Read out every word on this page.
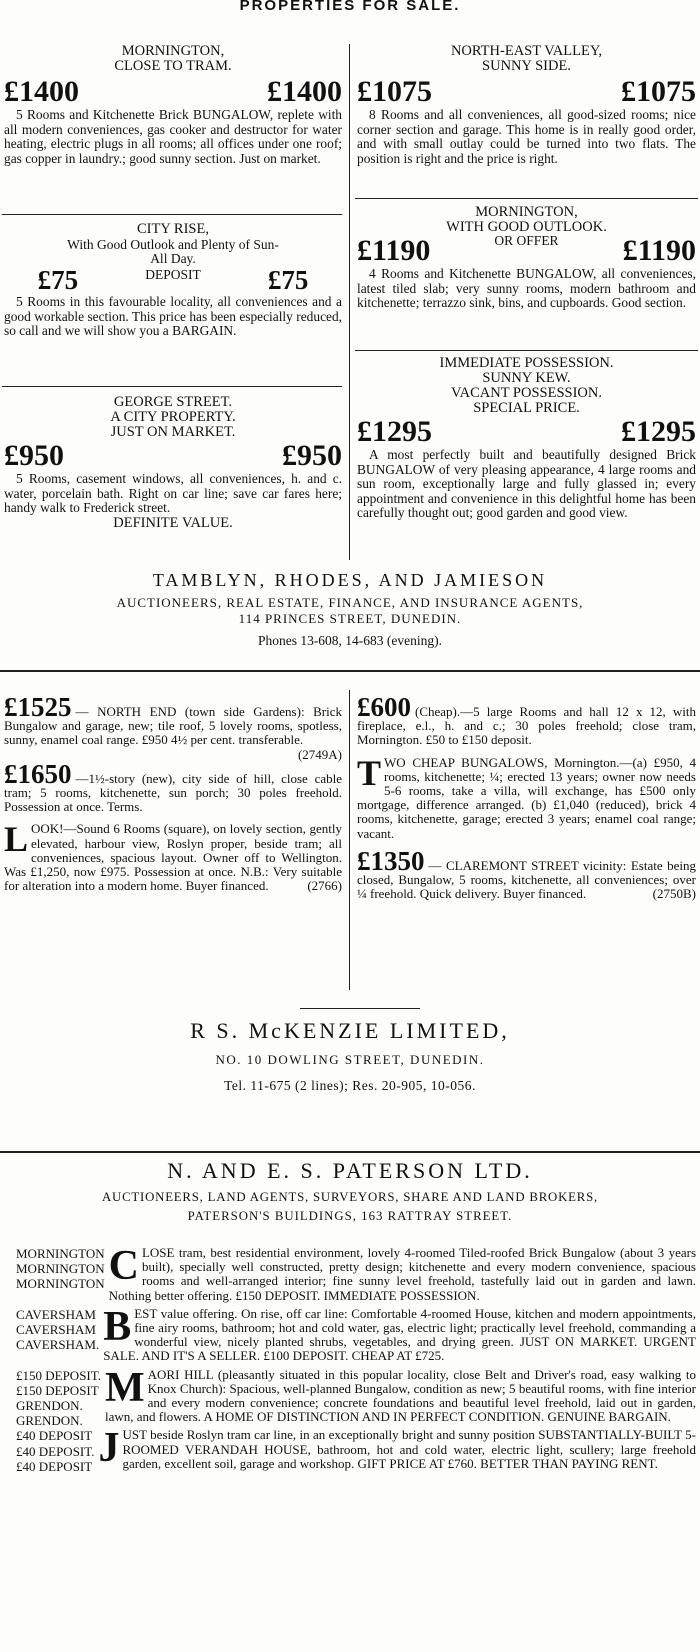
PROPERTIES FOR SALE.
MORNINGTON,
CLOSE TO TRAM.
£1400	£1400
5 Rooms and Kitchenette Brick BUNGALOW, replete with all modern conveniences, gas cooker and destructor for water heating, electric plugs in all rooms; all offices under one roof; gas copper in laundry.; good sunny section. Just on market.
CITY RISE,
With Good Outlook and Plenty of Sun-
All Day.
£75	DEPOSIT £75
5 Rooms in this favourable locality, all conveniences and a good workable section. This price has been especially reduced, so call and we will show you a BARGAIN.
GEORGE STREET.
A CITY PROPERTY.
JUST ON MARKET.
£950	£950
5 Rooms, casement windows, all conveniences, h. and c. water, porcelain bath. Right on car line; save car fares here; handy walk to Frederick street.
DEFINITE VALUE.
NORTH-EAST VALLEY,
SUNNY SIDE.
£1075	£1075
8 Rooms and all conveniences, all good-sized rooms; nice corner section and garage. This home is in really good order, and with small outlay could be turned into two flats. The position is right and the price is right.
MORNINGTON,
WITH GOOD OUTLOOK.
£1190	OR OFFER £1190
4 Rooms and Kitchenette BUNGALOW, all conveniences, latest tiled slab; very sunny rooms, modern bathroom and kitchenette; terrazzo sink, bins, and cupboards. Good section.
IMMEDIATE POSSESSION.
SUNNY KEW.
VACANT POSSESSION.
SPECIAL PRICE.
£1295	£1295
A most perfectly built and beautifully designed Brick BUNGALOW of very pleasing appearance, 4 large rooms and sun room, exceptionally large and fully glassed in; every appointment and convenience in this delightful home has been carefully thought out; good garden and good view.
TAMBLYN, RHODES, AND JAMIESON
AUCTIONEERS, REAL ESTATE, FINANCE, AND INSURANCE AGENTS,
114 PRINCES STREET, DUNEDIN.
Phones 13-608, 14-683 (evening).
£1525 — NORTH END (town side Gardens): Brick Bungalow and garage, new; tile roof, 5 lovely rooms, spotless, sunny, enamel coal range. £950 4½ per cent. transferable.
(2749A)
£1650 —1½-story (new), city side of hill, close cable tram; 5 rooms, kitchenette, sun porch; 30 poles freehold. Possession at once. Terms.
LOOK!—Sound 6 Rooms (square), on lovely section, gently elevated, harbour view, Roslyn proper, beside tram; all conveniences, spacious layout. Owner off to Wellington. Was £1,250, now £975. Possession at once. N.B.: Very suitable for alteration into a modern home. Buyer financed.	(2766)
£600 (Cheap).—5 large Rooms and hall 12 x 12, with fireplace, e.l., h. and c.; 30 poles freehold; close tram, Mornington. £50 to £150 deposit.
TWO CHEAP BUNGALOWS, Mornington.—(a) £950, 4 rooms, kitchenette; ¼; erected 13 years; owner now needs 5-6 rooms, take a villa, will exchange, has £500 only mortgage, difference arranged. (b) £1,040 (reduced), brick 4 rooms, kitchenette, garage; erected 3 years; enamel coal range; vacant.
£1350 — CLAREMONT STREET vicinity: Estate being closed, Bungalow, 5 rooms, kitchenette, all conveniences; over ¼ freehold. Quick delivery. Buyer financed.	(2750B)
R S. McKENZIE LIMITED,
NO. 10 DOWLING STREET, DUNEDIN.
Tel. 11-675 (2 lines); Res. 20-905, 10-056.
N. AND E. S. PATERSON LTD.
AUCTIONEERS, LAND AGENTS, SURVEYORS, SHARE AND LAND BROKERS,
PATERSON'S BUILDINGS, 163 RATTRAY STREET.
MORNINGTON
MORNINGTON
MORNINGTON C LOSE tram, best residential environment, lovely 4-roomed Tiled-roofed Brick Bungalow (about 3 years built), specially well constructed, pretty design; kitchenette and every modern convenience, spacious rooms and well-arranged interior; fine sunny level freehold, tastefully laid out in garden and lawn. Nothing better offering. £150 DEPOSIT. IMMEDIATE POSSESSION.
CAVERSHAM
CAVERSHAM
CAVERSHAM. B EST value offering. On rise, off car line: Comfortable 4-roomed House, kitchen and modern appointments, fine airy rooms, bathroom; hot and cold water, gas, electric light; practically level freehold, commanding a wonderful view, nicely planted shrubs, vegetables, and drying green. JUST ON MARKET. URGENT SALE. AND IT'S A SELLER. £100 DEPOSIT. CHEAP AT £725.
£150 DEPOSIT.
£150 DEPOSIT
GRENDON.
GRENDON.
M AORI HILL (pleasantly situated in this popular locality, close Belt and Driver's road, easy walking to Knox Church): Spacious, well-planned Bungalow, condition as new; 5 beautiful rooms, with fine interior and every modern convenience; concrete foundations and beautiful level freehold, laid out in garden, lawn, and flowers. A HOME OF DISTINCTION AND IN PERFECT CONDITION. GENUINE BARGAIN.
£40 DEPOSIT
£40 DEPOSIT.
£40 DEPOSIT J UST beside Roslyn tram car line, in an exceptionally bright and sunny position SUBSTANTIALLY-BUILT 5-ROOMED VERANDAH HOUSE, bathroom, hot and cold water, electric light, scullery; large freehold garden, excellent soil, garage and workshop. GIFT PRICE AT £760. BETTER THAN PAYING RENT.
